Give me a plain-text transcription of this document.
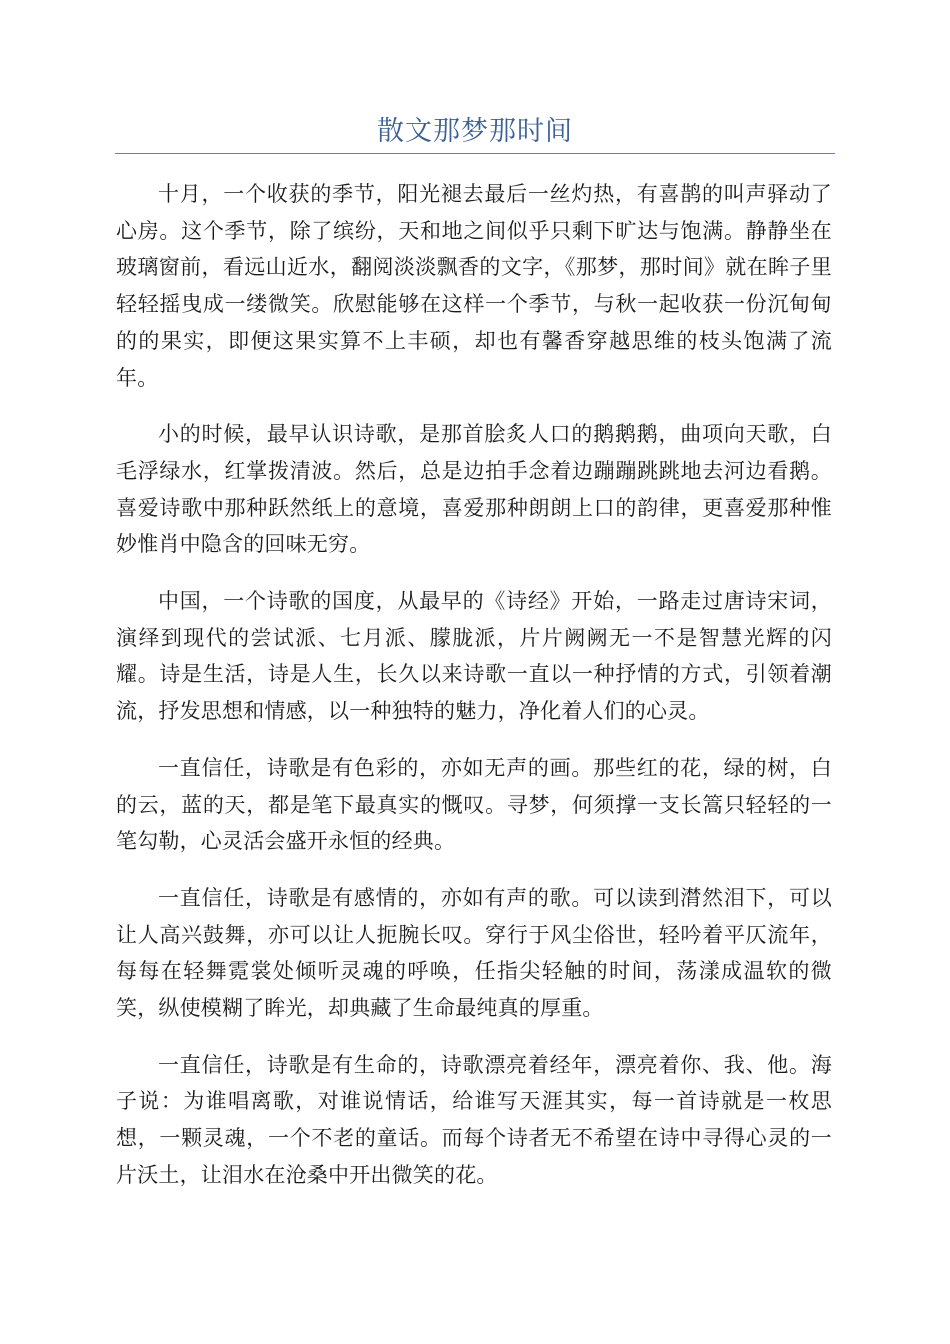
散文那梦那时间

十月，一个收获的季节，阳光褪去最后一丝灼热，有喜鹊的叫声驿动了心房。这个季节，除了缤纷，天和地之间似乎只剩下旷达与饱满。静静坐在玻璃窗前，看远山近水，翻阅淡淡飘香的文字，《那梦，那时间》就在眸子里轻轻摇曳成一缕微笑。欣慰能够在这样一个季节，与秋一起收获一份沉甸甸的的果实，即便这果实算不上丰硕，却也有馨香穿越思维的枝头饱满了流年。

小的时候，最早认识诗歌，是那首脍炙人口的鹅鹅鹅，曲项向天歌，白毛浮绿水，红掌拨清波。然后，总是边拍手念着边蹦蹦跳跳地去河边看鹅。喜爱诗歌中那种跃然纸上的意境，喜爱那种朗朗上口的韵律，更喜爱那种惟妙惟肖中隐含的回味无穷。

中国，一个诗歌的国度，从最早的《诗经》开始，一路走过唐诗宋词，演绎到现代的尝试派、七月派、朦胧派，片片阙阙无一不是智慧光辉的闪耀。诗是生活，诗是人生，长久以来诗歌一直以一种抒情的方式，引领着潮流，抒发思想和情感，以一种独特的魅力，净化着人们的心灵。

一直信任，诗歌是有色彩的，亦如无声的画。那些红的花，绿的树，白的云，蓝的天，都是笔下最真实的慨叹。寻梦，何须撑一支长篙只轻轻的一笔勾勒，心灵活会盛开永恒的经典。

一直信任，诗歌是有感情的，亦如有声的歌。可以读到潸然泪下，可以让人高兴鼓舞，亦可以让人扼腕长叹。穿行于风尘俗世，轻吟着平仄流年，每每在轻舞霓裳处倾听灵魂的呼唤，任指尖轻触的时间，荡漾成温软的微笑，纵使模糊了眸光，却典藏了生命最纯真的厚重。

一直信任，诗歌是有生命的，诗歌漂亮着经年，漂亮着你、我、他。海子说：为谁唱离歌，对谁说情话，给谁写天涯其实，每一首诗就是一枚思想，一颗灵魂，一个不老的童话。而每个诗者无不希望在诗中寻得心灵的一片沃土，让泪水在沧桑中开出微笑的花。
